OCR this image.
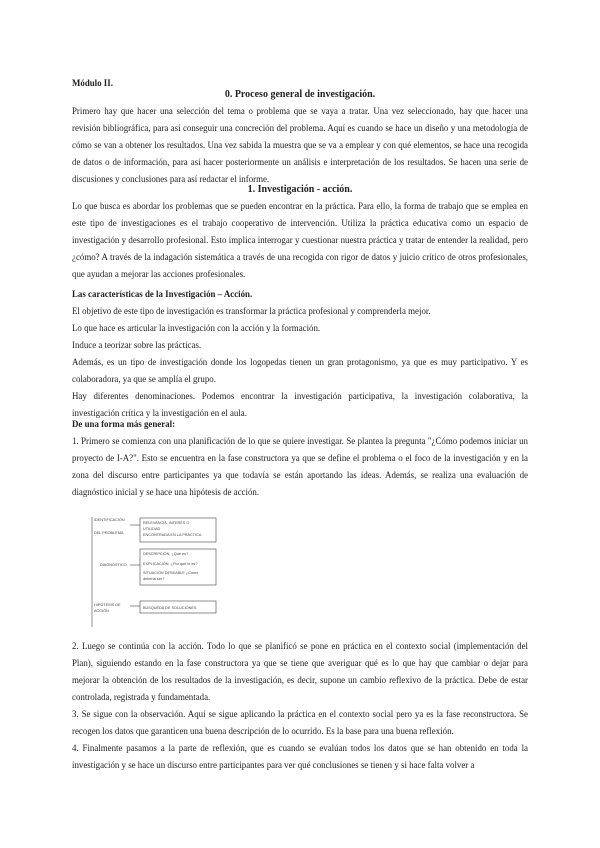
Módulo II.

0. Proceso general de investigación.

Primero hay que hacer una selección del tema o problema que se vaya a tratar. Una vez seleccionado, hay que hacer una revisión bibliográfica, para así conseguir una concreción del problema. Aquí es cuando se hace un diseño y una metodología de cómo se van a obtener los resultados. Una vez sabida la muestra que se va a emplear y con qué elementos, se hace una recogida de datos o de información, para así hacer posteriormente un análisis e interpretación de los resultados. Se hacen una serie de discusiones y conclusiones para así redactar el informe.

1. Investigación - acción.

Lo que busca es abordar los problemas que se pueden encontrar en la práctica. Para ello, la forma de trabajo que se emplea en este tipo de investigaciones es el trabajo cooperativo de intervención. Utiliza la práctica educativa como un espacio de investigación y desarrollo profesional. Esto implica interrogar y cuestionar nuestra práctica y tratar de entender la realidad, pero ¿cómo? A través de la indagación sistemática a través de una recogida con rigor de datos y juicio crítico de otros profesionales, que ayudan a mejorar las acciones profesionales.

Las características de la Investigación – Acción.

El objetivo de este tipo de investigación es transformar la práctica profesional y comprenderla mejor.

Lo que hace es articular la investigación con la acción y la formación.

Induce a teorizar sobre las prácticas.

Además, es un tipo de investigación donde los logopedas tienen un gran protagonismo, ya que es muy participativo. Y es colaboradora, ya que se amplía el grupo.

Hay diferentes denominaciones. Podemos encontrar la investigación participativa, la investigación colaborativa, la investigación crítica y la investigación en el aula.

De una forma más general:

1. Primero se comienza con una planificación de lo que se quiere investigar. Se plantea la pregunta "¿Cómo podemos iniciar un proyecto de I-A?". Esto se encuentra en la fase constructora ya que se define el problema o el foco de la investigación y en la zona del discurso entre participantes ya que todavía se están aportando las ideas. Además, se realiza una evaluación de diagnóstico inicial y se hace una hipótesis de acción.

IDENTIFICACIÓN
DEL PROBLEMA
DIAGNÓSTICO
HIPÓTESIS DE
ACCIÓN
RELEVANCIA, INTERÉS O
UTILIDAD
ENCONTRADA EN LA PRÁCTICA
DESCRIPCIÓN, ¿Qué es?
EXPLICACIÓN, ¿Por qué lo es?
SITUACIÓN DESEABLE ¿Cómo
debería ser?
BÚSQUEDA DE SOLUCIONES

2. Luego se continúa con la acción. Todo lo que se planificó se pone en práctica en el contexto social (implementación del Plan), siguiendo estando en la fase constructora ya que se tiene que averiguar qué es lo que hay que cambiar o dejar para mejorar la obtención de los resultados de la investigación, es decir, supone un cambio reflexivo de la práctica. Debe de estar controlada, registrada y fundamentada.

3. Se sigue con la observación. Aquí se sigue aplicando la práctica en el contexto social pero ya es la fase reconstructora. Se recogen los datos que garanticen una buena descripción de lo ocurrido. Es la base para una buena reflexión.

4. Finalmente pasamos a la parte de reflexión, que es cuando se evalúan todos los datos que se han obtenido en toda la investigación y se hace un discurso entre participantes para ver qué conclusiones se tienen y si hace falta volver a
